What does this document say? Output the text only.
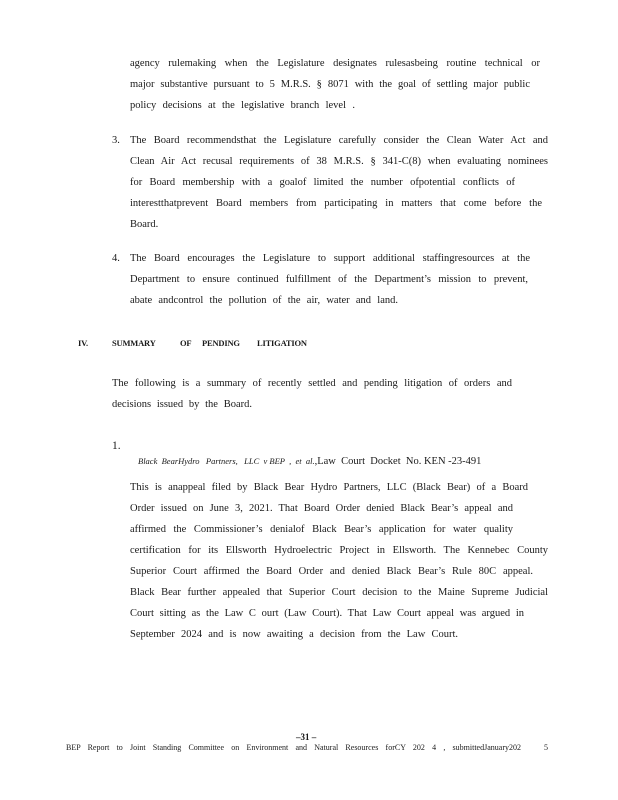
agency rulemaking when the Legislature designates rulesasbeing routine technical or
major substantive pursuant to 5 M.R.S. § 8071 with the goal of settling major public
policy decisions at the legislative branch level .
3. The Board recommendsthat the Legislature carefully consider the Clean Water Act and
Clean Air Act recusal requirements of 38 M.R.S. § 341-C(8) when evaluating nominees
for Board membership with a goalof limited the number ofpotential conflicts of
interestthatprevent Board members from participating in matters that come before the
Board.
4. The Board encourages the Legislature to support additional staffingresources at the
Department to ensure continued fulfillment of the Department’s mission to prevent,
abate andcontrol the pollution of the air, water and land.
IV.	SUMMARY	OF PENDING LITIGATION
The following is a summary of recently settled and pending litigation of orders and
decisions issued by the Board.
1.

Black  BearHydro   Partners,   LLC  v BEP  ,  et  al.,Law  Court  Docket  No. KEN -23-491

This is anappeal filed by Black Bear Hydro Partners, LLC (Black Bear) of a Board
Order issued on June 3, 2021. That Board Order denied Black Bear’s appeal and
affirmed the Commissioner’s denialof Black Bear’s application for water quality
certification for its Ellsworth Hydroelectric Project in Ellsworth. The Kennebec County
Superior Court affirmed the Board Order and denied Black Bear’s Rule 80C appeal.
Black Bear further appealed that Superior Court decision to the Maine Supreme Judicial
Court sitting as the Law C ourt (Law Court). That Law Court appeal was argued in
September 2024 and is now awaiting a decision from the Law Court.
–31 –
BEP Report to Joint Standing Committee on Environment and Natural Resources forCY 202 4 , submittedJanuary202	5
